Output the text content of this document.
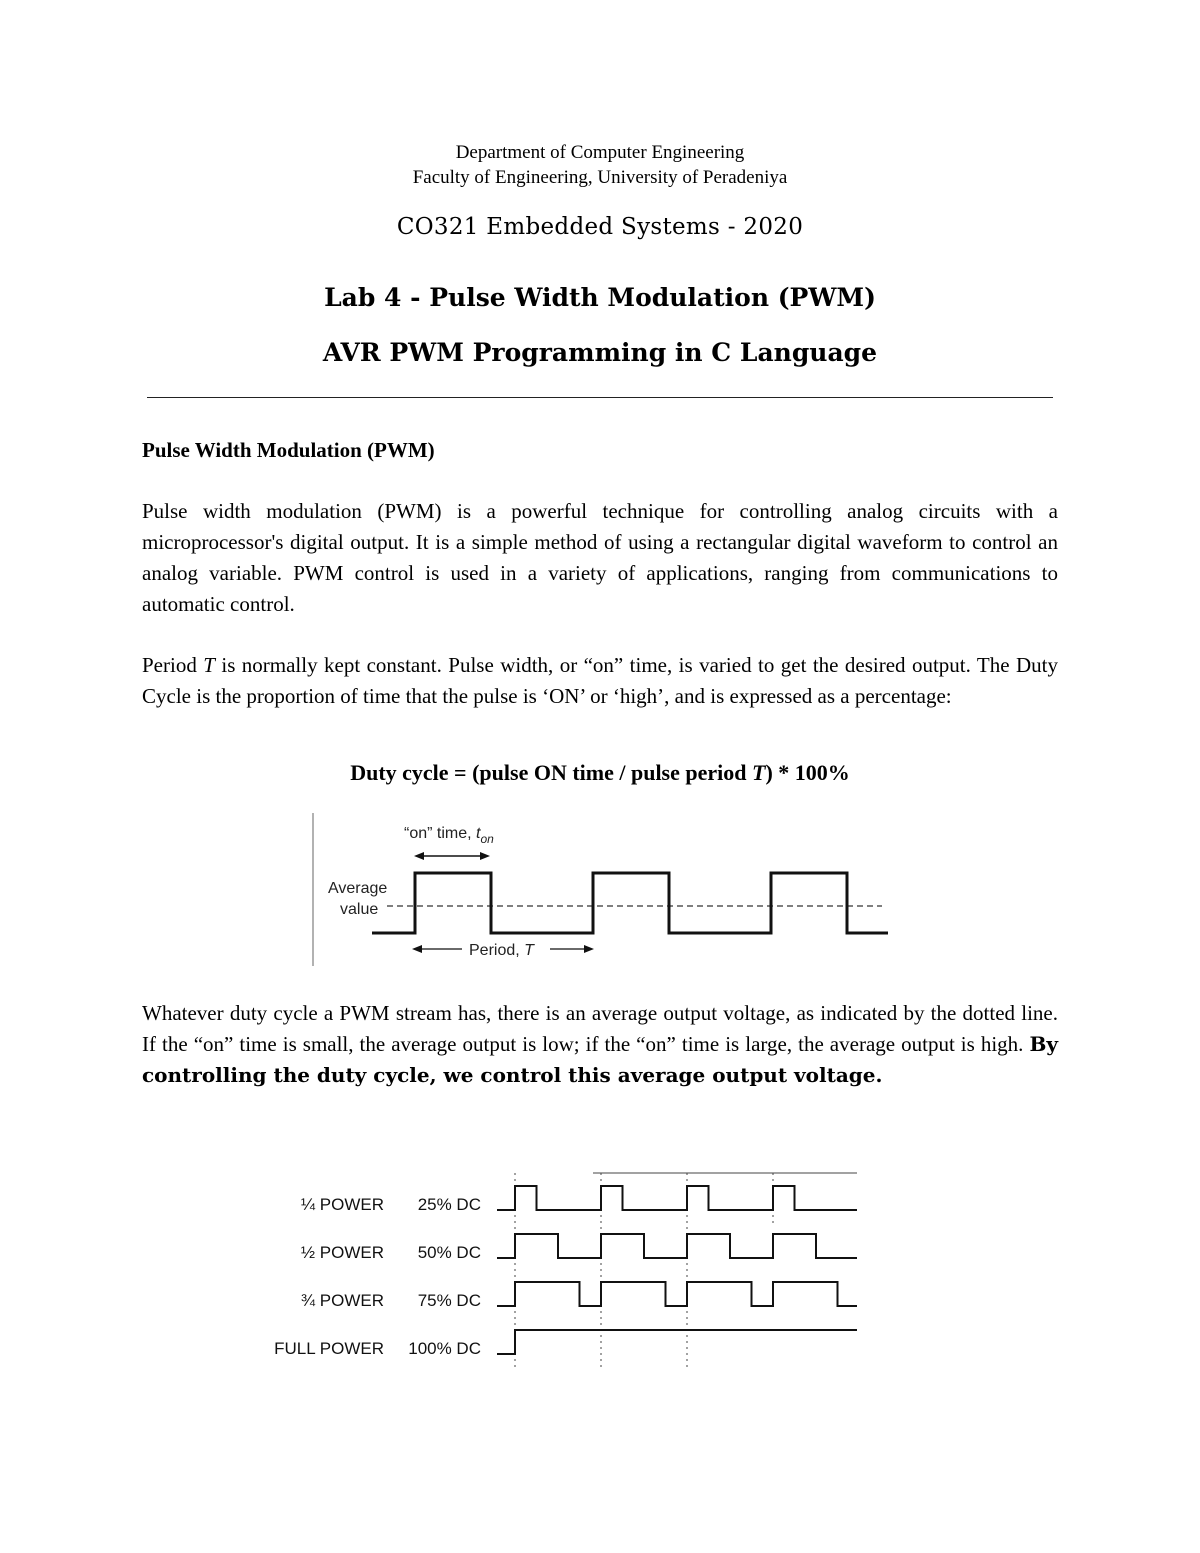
Department of Computer Engineering
Faculty of Engineering, University of Peradeniya
CO321 Embedded Systems - 2020
Lab 4 - Pulse Width Modulation (PWM)
AVR PWM Programming in C Language
Pulse Width Modulation (PWM)
Pulse width modulation (PWM) is a powerful technique for controlling analog circuits with a microprocessor's digital output. It is a simple method of using a rectangular digital waveform to control an analog variable. PWM control is used in a variety of applications, ranging from communications to automatic control.
Period T is normally kept constant. Pulse width, or “on” time, is varied to get the desired output. The Duty Cycle is the proportion of time that the pulse is ‘ON’ or ‘high’, and is expressed as a percentage:
Duty cycle = (pulse ON time / pulse period T) * 100%
“on” time, $t_{on}$
Average
value
Period, T
Whatever duty cycle a PWM stream has, there is an average output voltage, as indicated by the dotted line. If the “on” time is small, the average output is low; if the “on” time is large, the average output is high. By controlling the duty cycle, we control this average output voltage.
¼ POWER 25% DC
½ POWER 50% DC
¾ POWER 75% DC
FULL POWER 100% DC
